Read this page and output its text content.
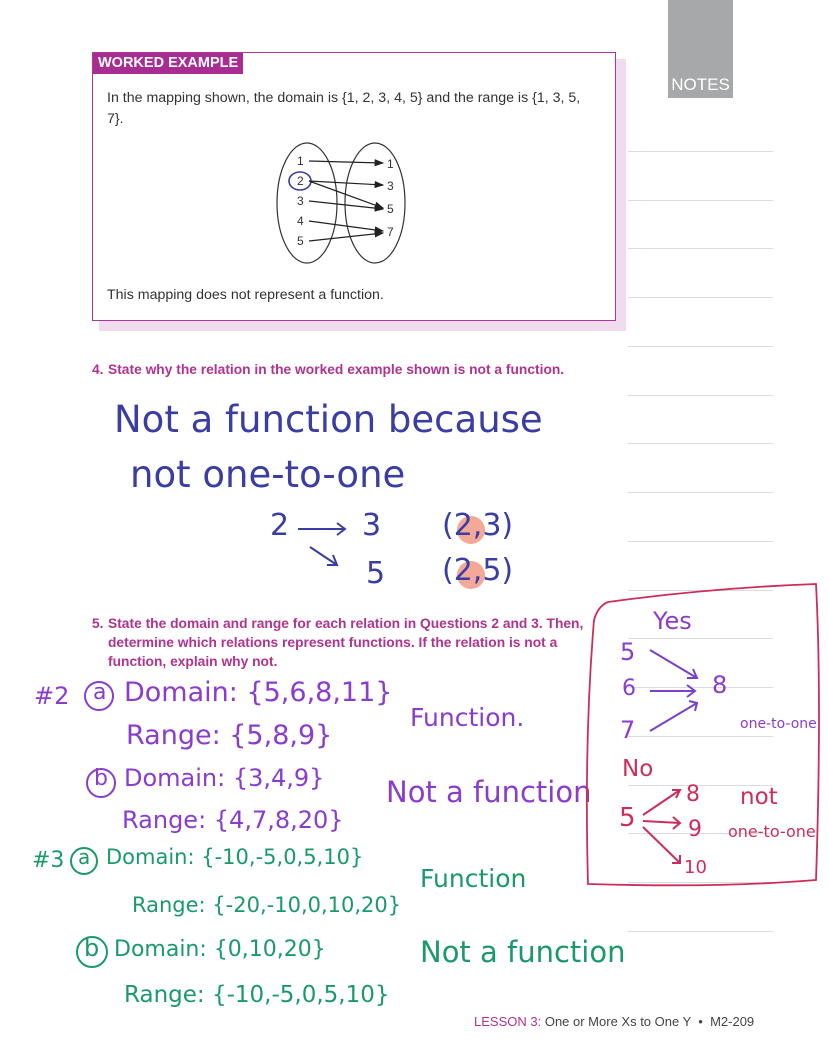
NOTES
WORKED EXAMPLE
In the mapping shown, the domain is {1, 2, 3, 4, 5} and the range is {1, 3, 5, 7}.
1
2
3
4
5
1
3
5
7
This mapping does not represent a function.
4. State why the relation in the worked example shown is not a function.
Not a function because
not one-to-one
2 3
5
(2,3)
(2,5)
5. State the domain and range for each relation in Questions 2 and 3. Then, determine which relations represent functions. If the relation is not a function, explain why not.
#2 a Domain: {5,6,8,11}
Range: {5,8,9}
Function.
b Domain: {3,4,9}
Range: {4,7,8,20}
Not a function
#3 a Domain: {-10,-5,0,5,10}
Range: {-20,-10,0,10,20}
Function
b Domain: {0,10,20}	Not a function
Range: {-10,-5,0,5,10}
Yes
5
6
7
8
one-to-one
No
5
8
9
10
not
one-to-one
LESSON 3: One or More Xs to One Y • M2-209
